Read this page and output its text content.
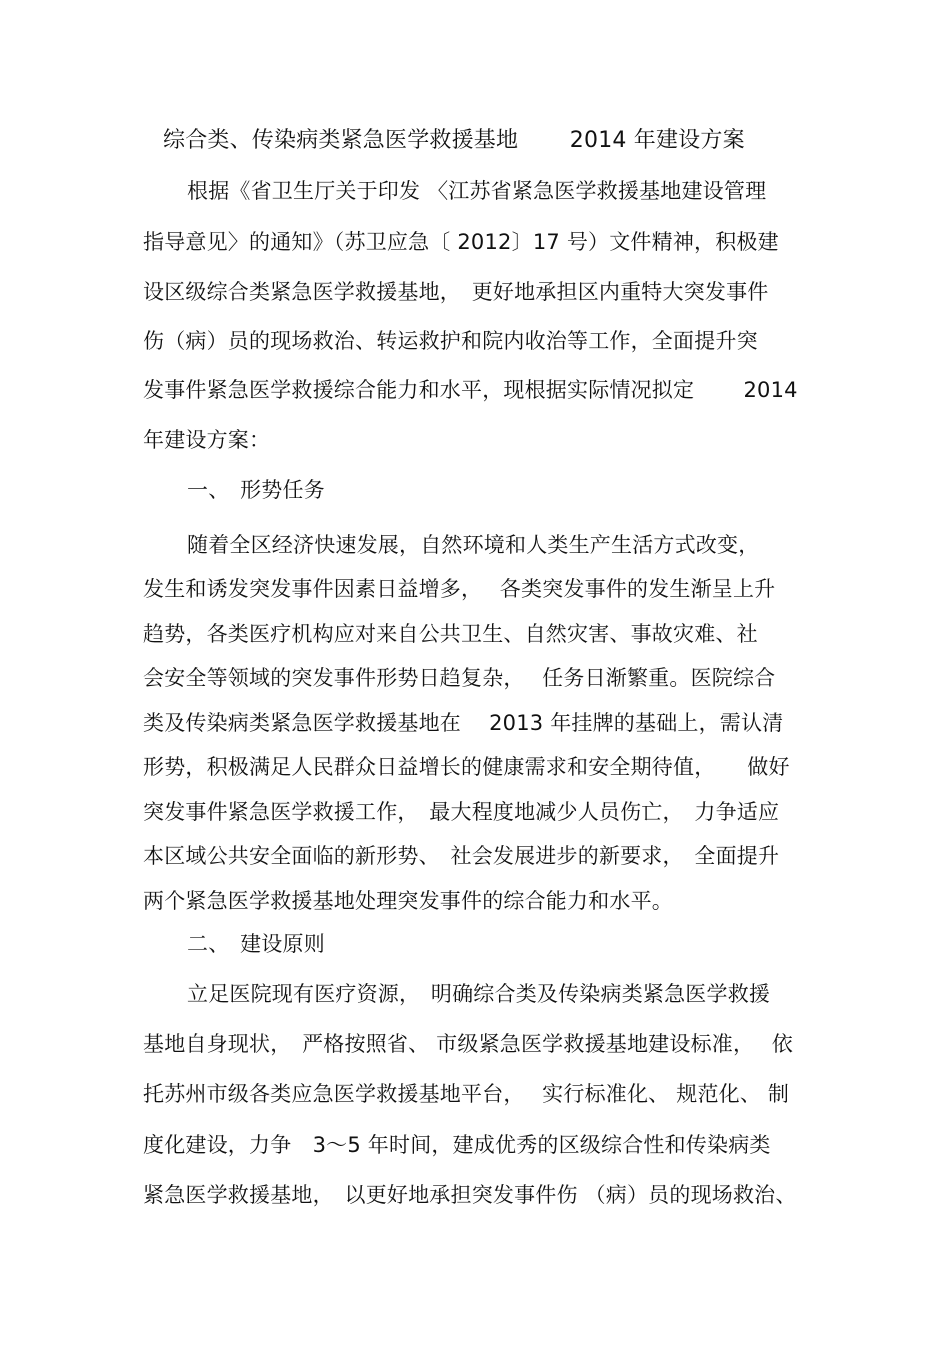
综合类、传染病类紧急医学救援基地　　 2014 年建设方案
根据《省卫生厅关于印发 〈江苏省紧急医学救援基地建设管理
指导意见〉的通知》（苏卫应急〔 2012〕17 号）文件精神，积极建
设区级综合类紧急医学救援基地，　更好地承担区内重特大突发事件
伤（病）员的现场救治、转运救护和院内收治等工作，全面提升突
发事件紧急医学救援综合能力和水平，现根据实际情况拟定　　 2014
年建设方案：
一、　形势任务
随着全区经济快速发展，自然环境和人类生产生活方式改变，
发生和诱发突发事件因素日益增多，　 各类突发事件的发生渐呈上升
趋势，各类医疗机构应对来自公共卫生、自然灾害、事故灾难、社
会安全等领域的突发事件形势日趋复杂，　 任务日渐繁重。医院综合
类及传染病类紧急医学救援基地在　 2013 年挂牌的基础上，需认清
形势，积极满足人民群众日益增长的健康需求和安全期待值，　　做好
突发事件紧急医学救援工作，　最大程度地减少人员伤亡，　力争适应
本区域公共安全面临的新形势、　社会发展进步的新要求，　全面提升
两个紧急医学救援基地处理突发事件的综合能力和水平。
二、　建设原则
立足医院现有医疗资源，　明确综合类及传染病类紧急医学救援
基地自身现状，　严格按照省、 市级紧急医学救援基地建设标准，　 依
托苏州市级各类应急医学救援基地平台，　 实行标准化、 规范化、 制
度化建设，力争　3～5 年时间，建成优秀的区级综合性和传染病类
紧急医学救援基地，　以更好地承担突发事件伤 （病）员的现场救治、
